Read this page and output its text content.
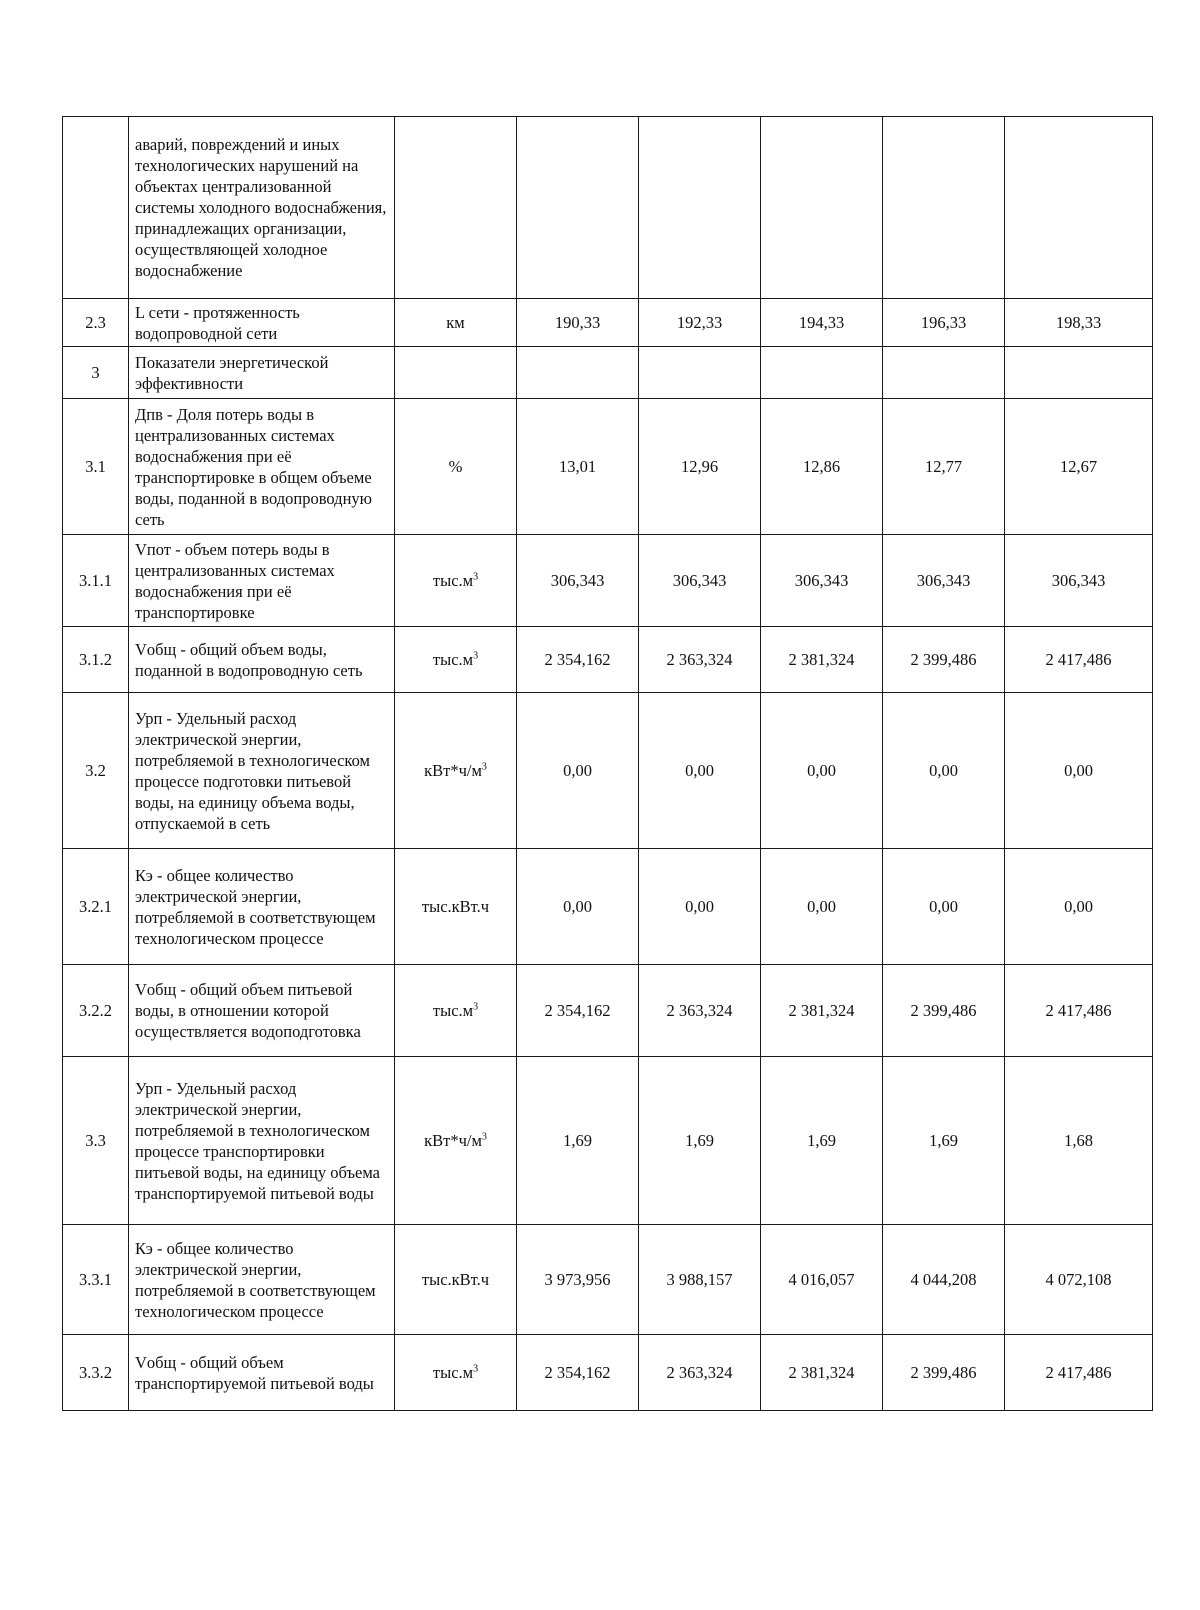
	аварий, повреждений и иных технологических нарушений на объектах централизованной системы холодного водоснабжения, принадлежащих организации, осуществляющей холодное водоснабжение						
2.3	L сети - протяженность водопроводной сети	км	190,33	192,33	194,33	196,33	198,33
3	Показатели энергетической эффективности						
3.1	Дпв - Доля потерь воды в централизованных системах водоснабжения при её транспортировке в общем объеме воды, поданной в водопроводную сеть	%	13,01	12,96	12,86	12,77	12,67
3.1.1	Vпот - объем потерь воды в централизованных системах водоснабжения при её транспортировке	$тыс.м^3$	306,343	306,343	306,343	306,343	306,343
3.1.2	Vобщ - общий объем воды, поданной в водопроводную сеть	$тыс.м^3$	2 354,162	2 363,324	2 381,324	2 399,486	2 417,486
3.2	Урп - Удельный расход электрической энергии, потребляемой в технологическом процессе подготовки питьевой воды, на единицу объема воды, отпускаемой в сеть	$кВт*ч/м^3$	0,00	0,00	0,00	0,00	0,00
3.2.1	Кэ - общее количество электрической энергии, потребляемой в соответствующем технологическом процессе	тыс.кВт.ч	0,00	0,00	0,00	0,00	0,00
3.2.2	Vобщ - общий объем питьевой воды, в отношении которой осуществляется водоподготовка	$тыс.м^3$	2 354,162	2 363,324	2 381,324	2 399,486	2 417,486
3.3	Урп - Удельный расход электрической энергии, потребляемой в технологическом процессе транспортировки питьевой воды, на единицу объема транспортируемой питьевой воды	$кВт*ч/м^3$	1,69	1,69	1,69	1,69	1,68
3.3.1	Кэ - общее количество электрической энергии, потребляемой в соответствующем технологическом процессе	тыс.кВт.ч	3 973,956	3 988,157	4 016,057	4 044,208	4 072,108
3.3.2	Vобщ - общий объем транспортируемой питьевой воды	$тыс.м^3$	2 354,162	2 363,324	2 381,324	2 399,486	2 417,486
